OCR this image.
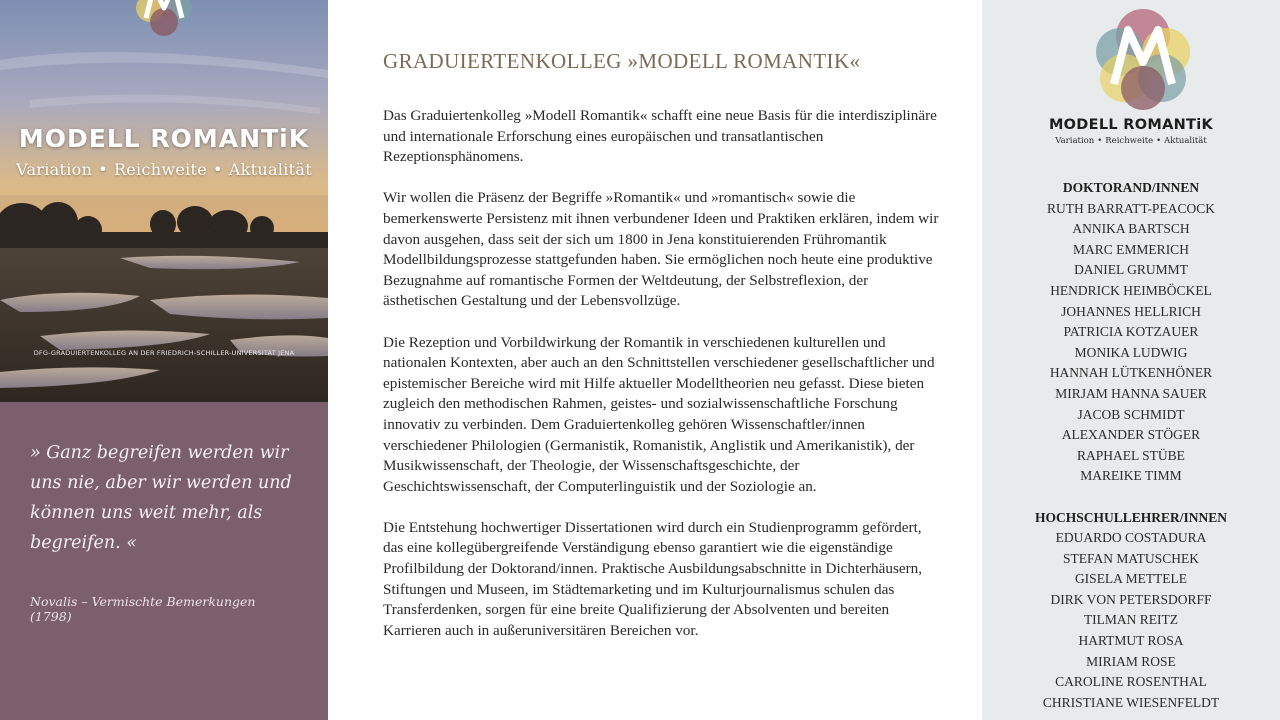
MODELL ROMANTiK
Variation • Reichweite • Aktualität
DFG-GRADUIERTENKOLLEG AN DER FRIEDRICH-SCHILLER-UNIVERSITÄT JENA
» Ganz begreifen werden wir uns nie, aber wir werden und können uns weit mehr, als begreifen. «
Novalis – Vermischte Bemerkungen (1798)
GRADUIERTENKOLLEG »MODELL ROMANTIK«

Das Graduiertenkolleg »Modell Romantik« schafft eine neue Basis für die interdisziplinäre und internationale Erforschung eines europäischen und transatlantischen Rezeptionsphänomens.

Wir wollen die Präsenz der Begriffe »Romantik« und »romantisch« sowie die bemerkenswerte Persistenz mit ihnen verbundener Ideen und Praktiken erklären, indem wir davon ausgehen, dass seit der sich um 1800 in Jena konstituierenden Frühromantik Modellbildungsprozesse stattgefunden haben. Sie ermöglichen noch heute eine produktive Bezugnahme auf romantische Formen der Weltdeutung, der Selbstreflexion, der ästhetischen Gestaltung und der Lebensvollzüge.

Die Rezeption und Vorbildwirkung der Romantik in verschiedenen kulturellen und nationalen Kontexten, aber auch an den Schnittstellen verschiedener gesellschaftlicher und epistemischer Bereiche wird mit Hilfe aktueller Modelltheorien neu gefasst. Diese bieten zugleich den methodischen Rahmen, geistes- und sozialwissenschaftliche Forschung innovativ zu verbinden. Dem Graduiertenkolleg gehören Wissenschaftler/innen verschiedener Philologien (Germanistik, Romanistik, Anglistik und Amerikanistik), der Musikwissenschaft, der Theologie, der Wissenschaftsgeschichte, der Geschichtswissenschaft, der Computerlinguistik und der Soziologie an.

Die Entstehung hochwertiger Dissertationen wird durch ein Studienprogramm gefördert, das eine kollegübergreifende Verständigung ebenso garantiert wie die eigenständige Profilbildung der Doktorand/innen. Praktische Ausbildungsabschnitte in Dichterhäusern, Stiftungen und Museen, im Städtemarketing und im Kulturjournalismus schulen das Transferdenken, sorgen für eine breite Qualifizierung der Absolventen und bereiten Karrieren auch in außeruniversitären Bereichen vor.

MODELL ROMANTiK
Variation • Reichweite • Aktualität
DOKTORAND/INNEN
RUTH BARRATT-PEACOCK
ANNIKA BARTSCH
MARC EMMERICH
DANIEL GRUMMT
HENDRICK HEIMBÖCKEL
JOHANNES HELLRICH
PATRICIA KOTZAUER
MONIKA LUDWIG
HANNAH LÜTKENHÖNER
MIRJAM HANNA SAUER
JACOB SCHMIDT
ALEXANDER STÖGER
RAPHAEL STÜBE
MAREIKE TIMM
HOCHSCHULLEHRER/INNEN
EDUARDO COSTADURA
STEFAN MATUSCHEK
GISELA METTELE
DIRK VON PETERSDORFF
TILMAN REITZ
HARTMUT ROSA
MIRIAM ROSE
CAROLINE ROSENTHAL
CHRISTIANE WIESENFELDT
